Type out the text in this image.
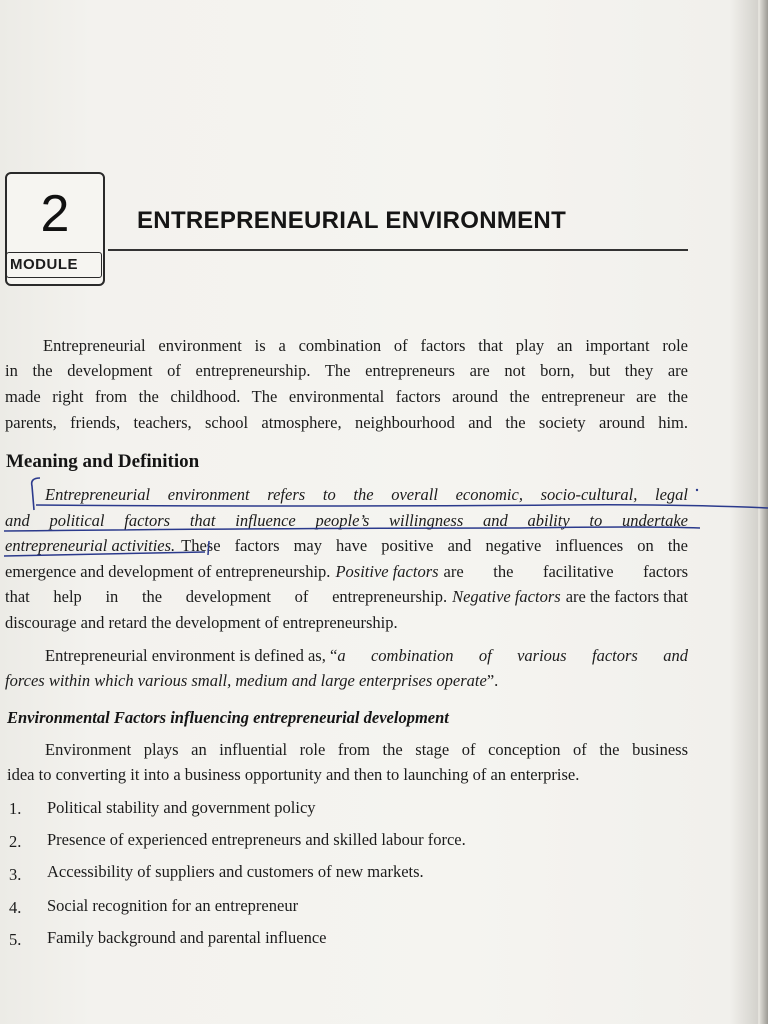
2
MODULE
ENTREPRENEURIAL ENVIRONMENT
Entrepreneurial environment is a combination of factors that play an important role
in the development of entrepreneurship. The entrepreneurs are not born, but they are
made right from the childhood. The environmental factors around the entrepreneur are the
parents, friends, teachers, school atmosphere, neighbourhood and the society around him.
Meaning and Definition
Entrepreneurial environment refers to the overall economic, socio-cultural, legal
and political factors that influence people’s willingness and ability to undertake
entrepreneurial activities. These factors may have positive and negative influences on the
emergence and development of entrepreneurship. Positive factors are the facilitative factors
that help in the development of entrepreneurship. Negative factors are the factors that
discourage and retard the development of entrepreneurship.
Entrepreneurial environment is defined as, “ a combination of various factors and
forces within which various small, medium and large enterprises operate”.
Environmental Factors influencing entrepreneurial development
Environment plays an influential role from the stage of conception of the business
idea to converting it into a business opportunity and then to launching of an enterprise.
1. Political stability and government policy
2. Presence of experienced entrepreneurs and skilled labour force.
3. Accessibility of suppliers and customers of new markets.
4. Social recognition for an entrepreneur
5. Family background and parental influence
